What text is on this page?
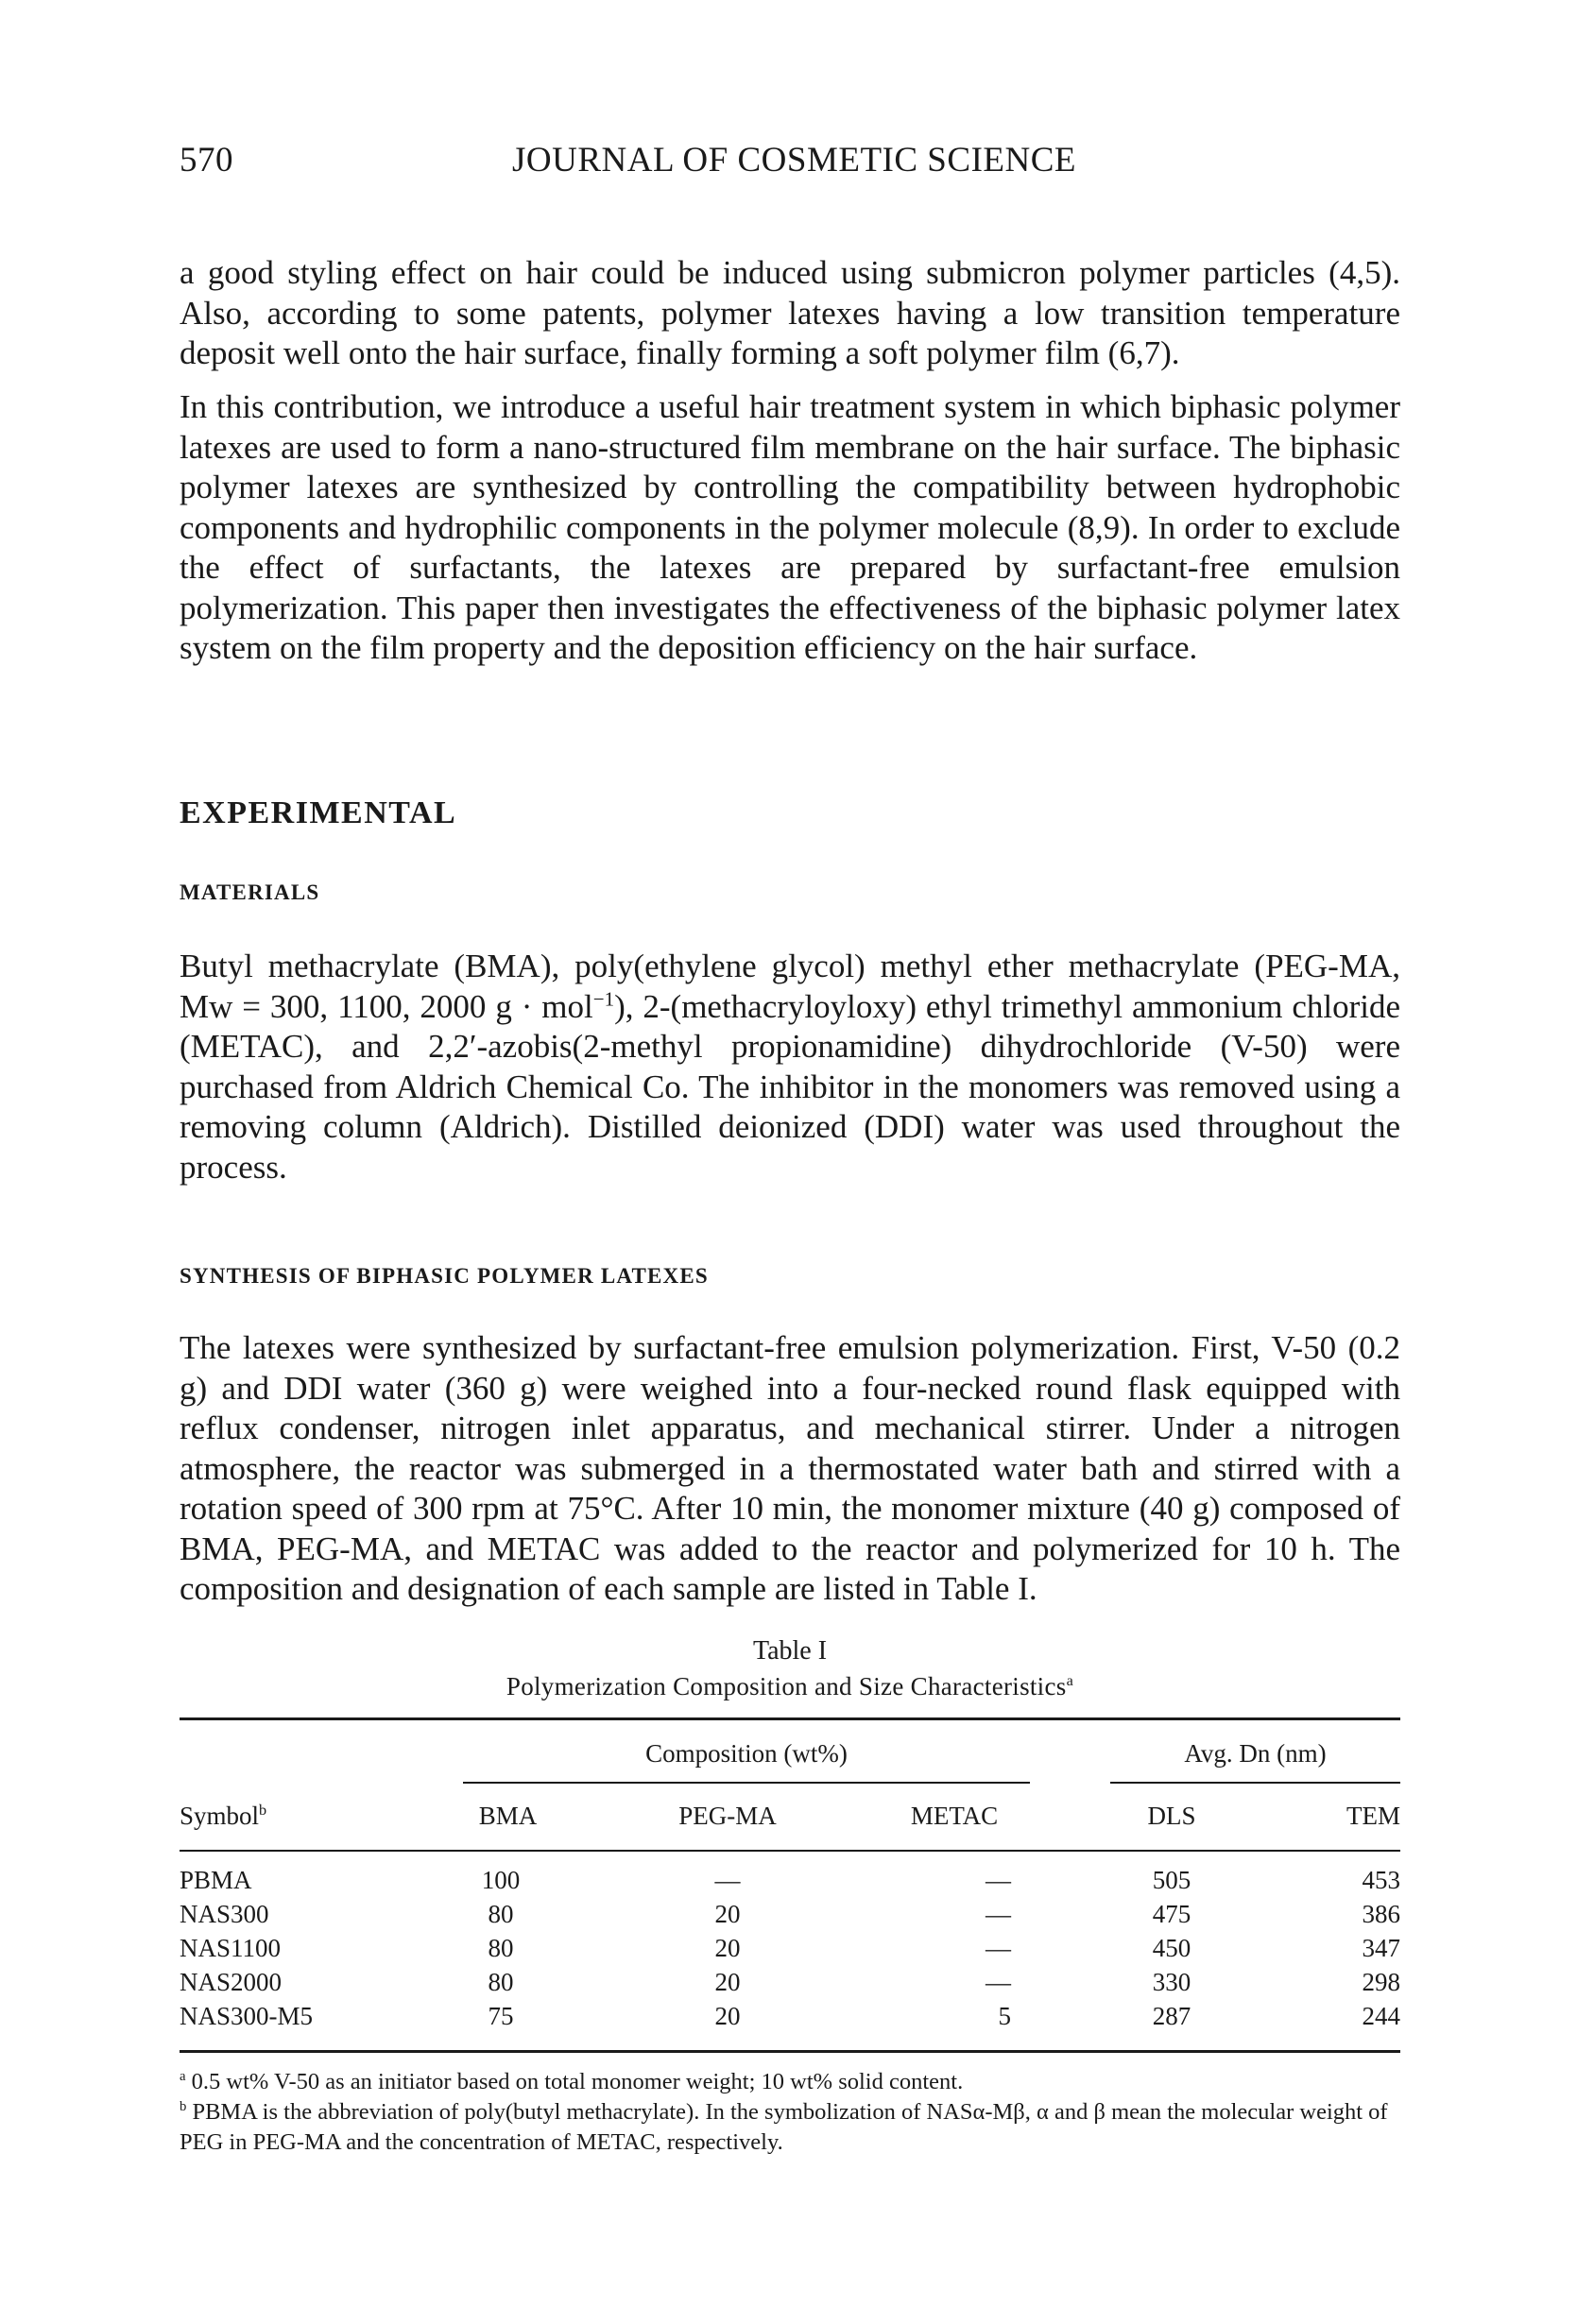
570	JOURNAL OF COSMETIC SCIENCE

a good styling effect on hair could be induced using submicron polymer particles (4,5). Also, according to some patents, polymer latexes having a low transition temperature deposit well onto the hair surface, finally forming a soft polymer film (6,7).

In this contribution, we introduce a useful hair treatment system in which biphasic polymer latexes are used to form a nano-structured film membrane on the hair surface. The biphasic polymer latexes are synthesized by controlling the compatibility between hydrophobic components and hydrophilic components in the polymer molecule (8,9). In order to exclude the effect of surfactants, the latexes are prepared by surfactant-free emulsion polymerization. This paper then investigates the effectiveness of the biphasic polymer latex system on the film property and the deposition efficiency on the hair surface.

EXPERIMENTAL
MATERIALS

Butyl methacrylate (BMA), poly(ethylene glycol) methyl ether methacrylate (PEG-MA, Mw = 300, 1100, 2000 g · mol$^{-1}$), 2-(methacryloyloxy) ethyl trimethyl ammonium chloride (METAC), and 2,2′-azobis(2-methyl propionamidine) dihydrochloride (V-50) were purchased from Aldrich Chemical Co. The inhibitor in the monomers was removed using a removing column (Aldrich). Distilled deionized (DDI) water was used throughout the process.

SYNTHESIS OF BIPHASIC POLYMER LATEXES

The latexes were synthesized by surfactant-free emulsion polymerization. First, V-50 (0.2 g) and DDI water (360 g) were weighed into a four-necked round flask equipped with reflux condenser, nitrogen inlet apparatus, and mechanical stirrer. Under a nitrogen atmosphere, the reactor was submerged in a thermostated water bath and stirred with a rotation speed of 300 rpm at 75°C. After 10 min, the monomer mixture (40 g) composed of BMA, PEG-MA, and METAC was added to the reactor and polymerized for 10 h. The composition and designation of each sample are listed in Table I.

Table I
Polymerization Composition and Size Characteristics$^a$
Composition (wt%)	Avg. Dn (nm)
Symbol$^b$	BMA	PEG-MA	METAC	DLS	TEM
PBMA	100	—	—	505	453
NAS300	80	20	—	475	386
NAS1100	80	20	—	450	347
NAS2000	80	20	—	330	298
NAS300-M5	75	20	5	287	244

$^a$ 0.5 wt% V-50 as an initiator based on total monomer weight; 10 wt% solid content.

$^b$ PBMA is the abbreviation of poly(butyl methacrylate). In the symbolization of NASα-Mβ, α and β mean the molecular weight of PEG in PEG-MA and the concentration of METAC, respectively.
